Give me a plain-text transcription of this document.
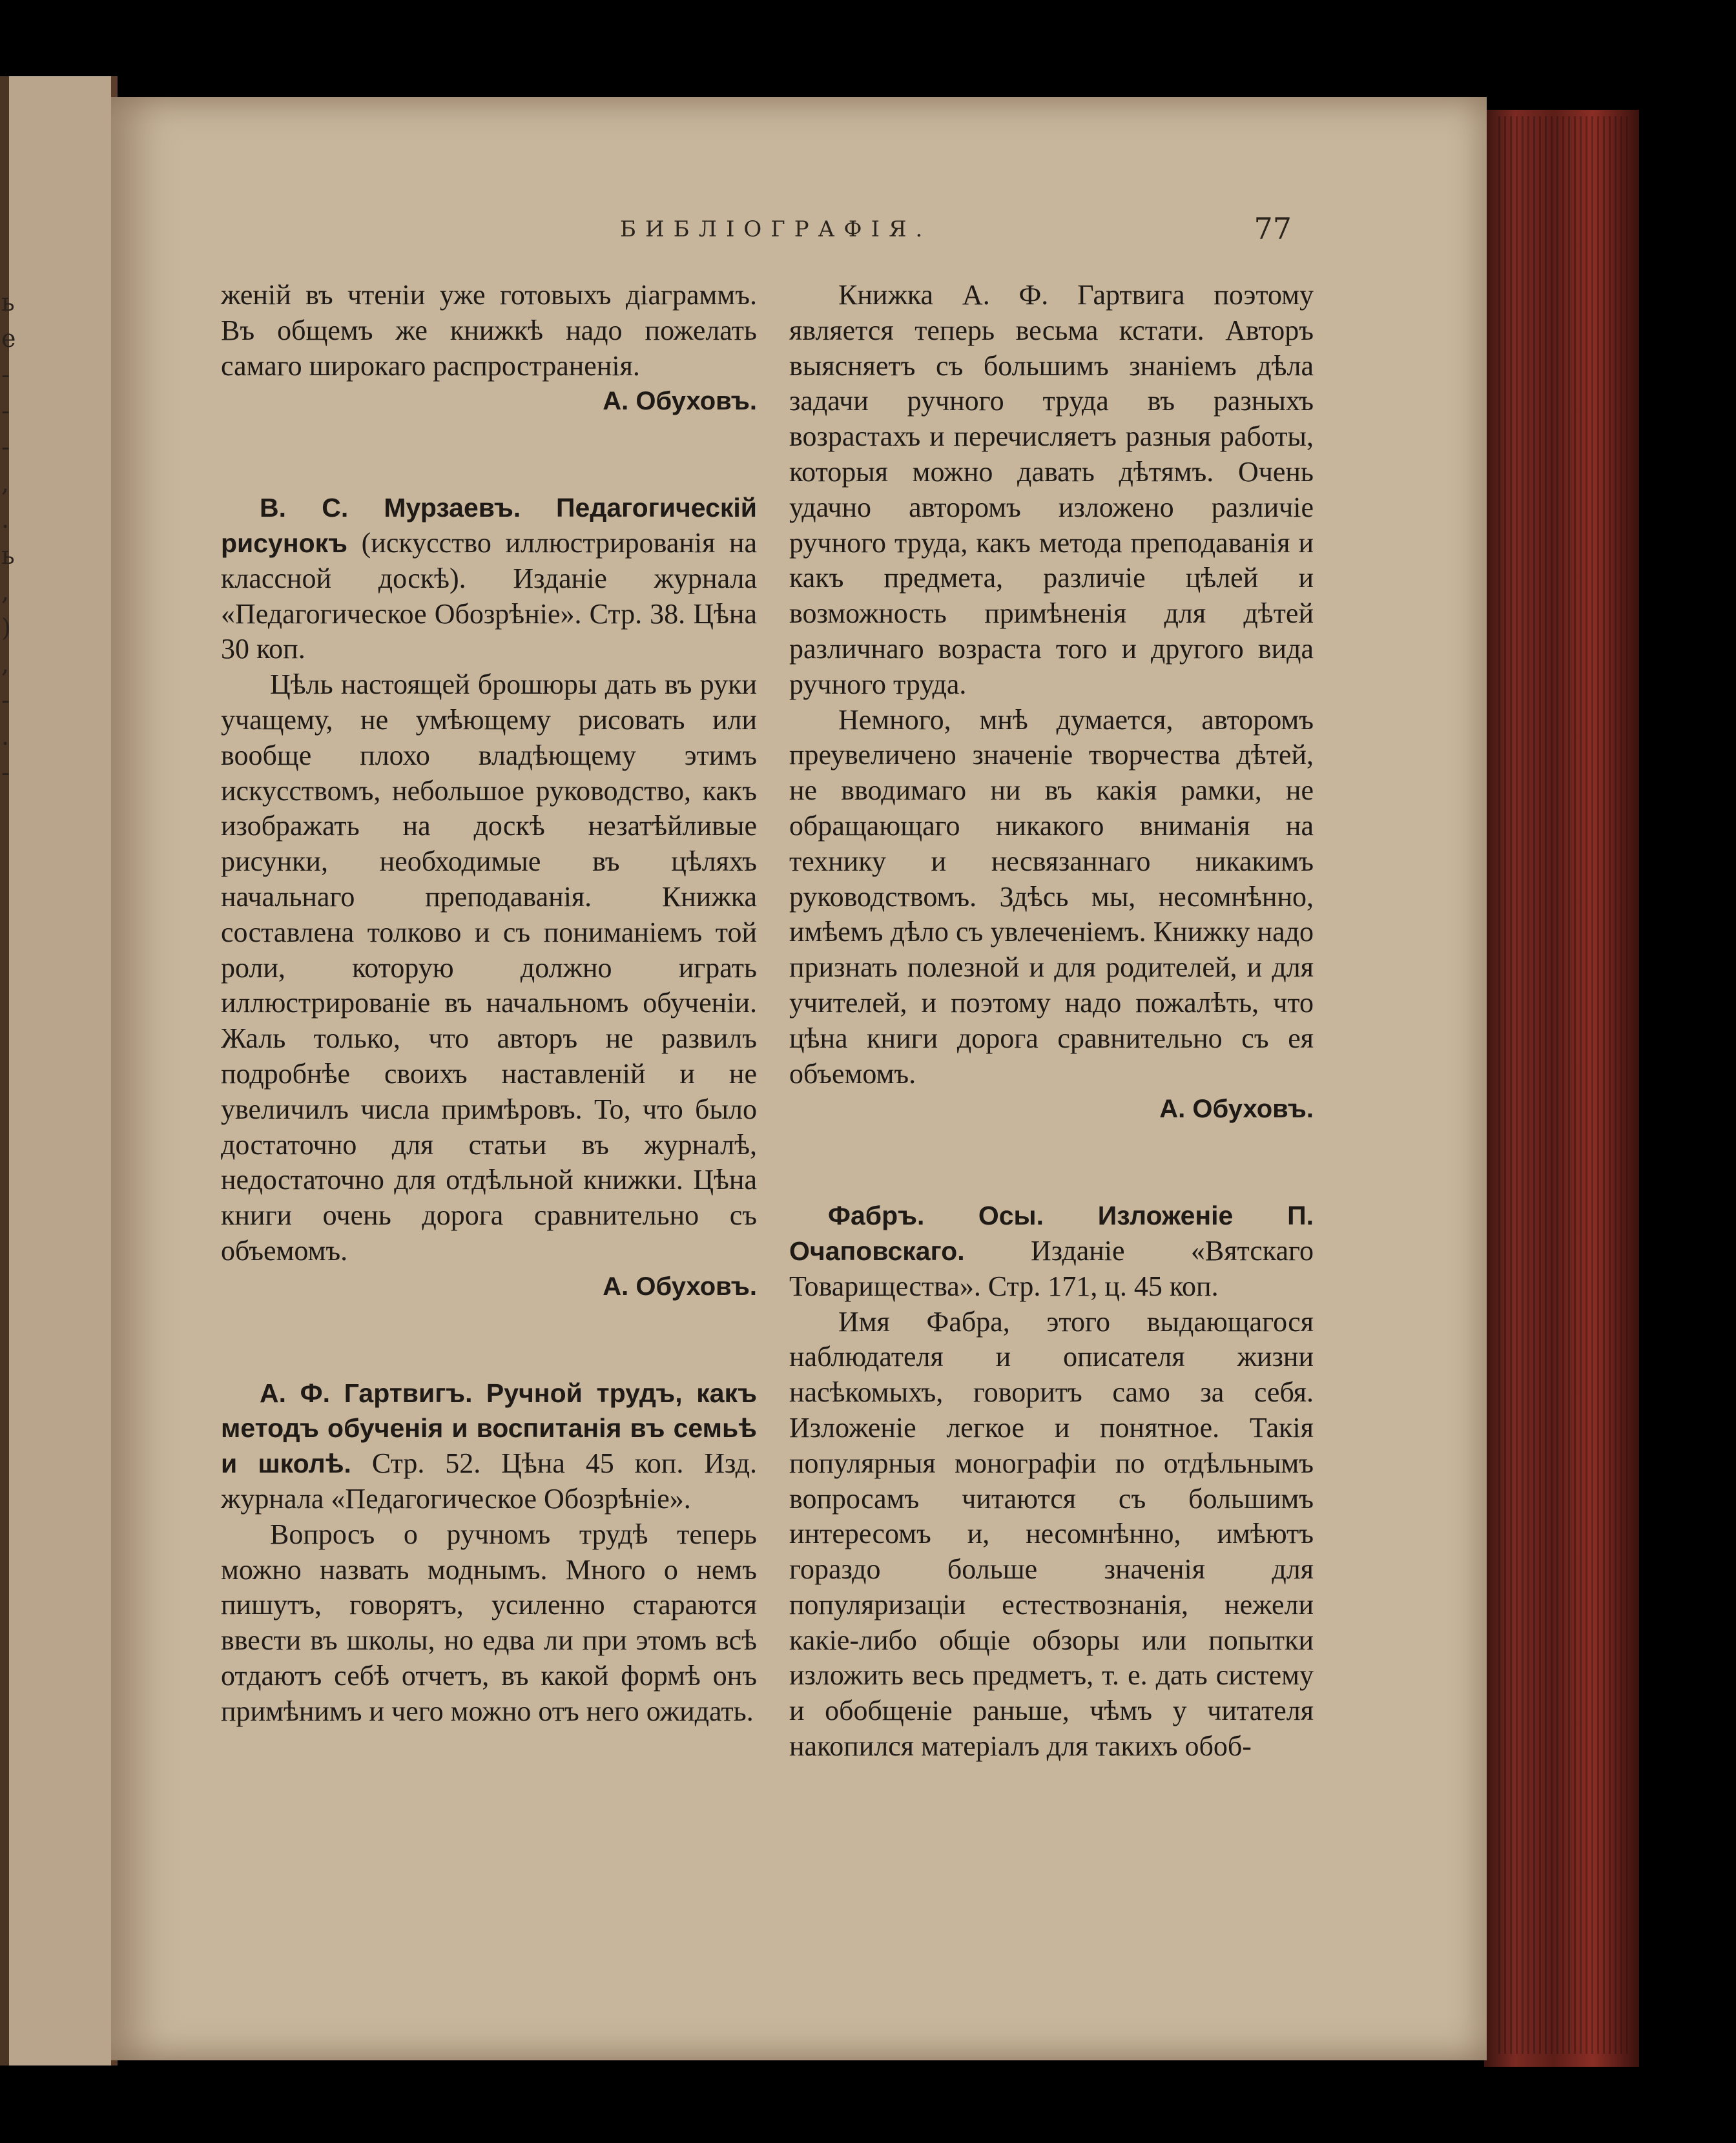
ь
е
-
-
-
,
.
ь
,
)
,
-
.
-
БИБЛІОГРАФІЯ.	77

женій въ чтеніи уже готовыхъ діаграммъ. Въ общемъ же книжкѣ надо пожелать самаго широкаго распространенія.

А. Обуховъ.

В. С. Мурзаевъ. Педагогическій рисунокъ (искусство иллюстрированія на классной доскѣ). Изданіе журнала «Педагогическое Обозрѣніе». Стр. 38. Цѣна 30 коп.

Цѣль настоящей брошюры дать въ руки учащему, не умѣющему рисовать или вообще плохо владѣющему этимъ искусствомъ, небольшое руководство, какъ изображать на доскѣ незатѣйливые рисунки, необходимые въ цѣляхъ начальнаго преподаванія. Книжка составлена толково и съ пониманіемъ той роли, которую должно играть иллюстрированіе въ начальномъ обученіи. Жаль только, что авторъ не развилъ подробнѣе своихъ наставленій и не увеличилъ числа примѣровъ. То, что было достаточно для статьи въ журналѣ, недостаточно для отдѣльной книжки. Цѣна книги очень дорога сравнительно съ объемомъ.

А. Обуховъ.

А. Ф. Гартвигъ. Ручной трудъ, какъ методъ обученія и воспитанія въ семьѣ и школѣ. Стр. 52. Цѣна 45 коп. Изд. журнала «Педагогическое Обозрѣніе».

Вопросъ о ручномъ трудѣ теперь можно назвать моднымъ. Много о немъ пишутъ, говорятъ, усиленно стараются ввести въ школы, но едва ли при этомъ всѣ отдаютъ себѣ отчетъ, въ какой формѣ онъ примѣнимъ и чего можно отъ него ожидать.

Книжка А. Ф. Гартвига поэтому является теперь весьма кстати. Авторъ выясняетъ съ большимъ знаніемъ дѣла задачи ручного труда въ разныхъ возрастахъ и перечисляетъ разныя работы, которыя можно давать дѣтямъ. Очень удачно авторомъ изложено различіе ручного труда, какъ метода преподаванія и какъ предмета, различіе цѣлей и возможность примѣненія для дѣтей различнаго возраста того и другого вида ручного труда.

Немного, мнѣ думается, авторомъ преувеличено значеніе творчества дѣтей, не вводимаго ни въ какія рамки, не обращающаго никакого вниманія на технику и несвязаннаго никакимъ руководствомъ. Здѣсь мы, несомнѣнно, имѣемъ дѣло съ увлеченіемъ. Книжку надо признать полезной и для родителей, и для учителей, и поэтому надо пожалѣть, что цѣна книги дорога сравнительно съ ея объемомъ.

А. Обуховъ.

Фабръ. Осы. Изложеніе П. Очаповскаго. Изданіе «Вятскаго Товарищества». Стр. 171, ц. 45 коп.

Имя Фабра, этого выдающагося наблюдателя и описателя жизни насѣкомыхъ, говоритъ само за себя. Изложеніе легкое и понятное. Такія популярныя монографіи по отдѣльнымъ вопросамъ читаются съ большимъ интересомъ и, несомнѣнно, имѣютъ гораздо больше значенія для популяризаціи естествознанія, нежели какіе-либо общіе обзоры или попытки изложить весь предметъ, т. е. дать систему и обобщеніе раньше, чѣмъ у читателя накопился матеріалъ для такихъ обоб-
